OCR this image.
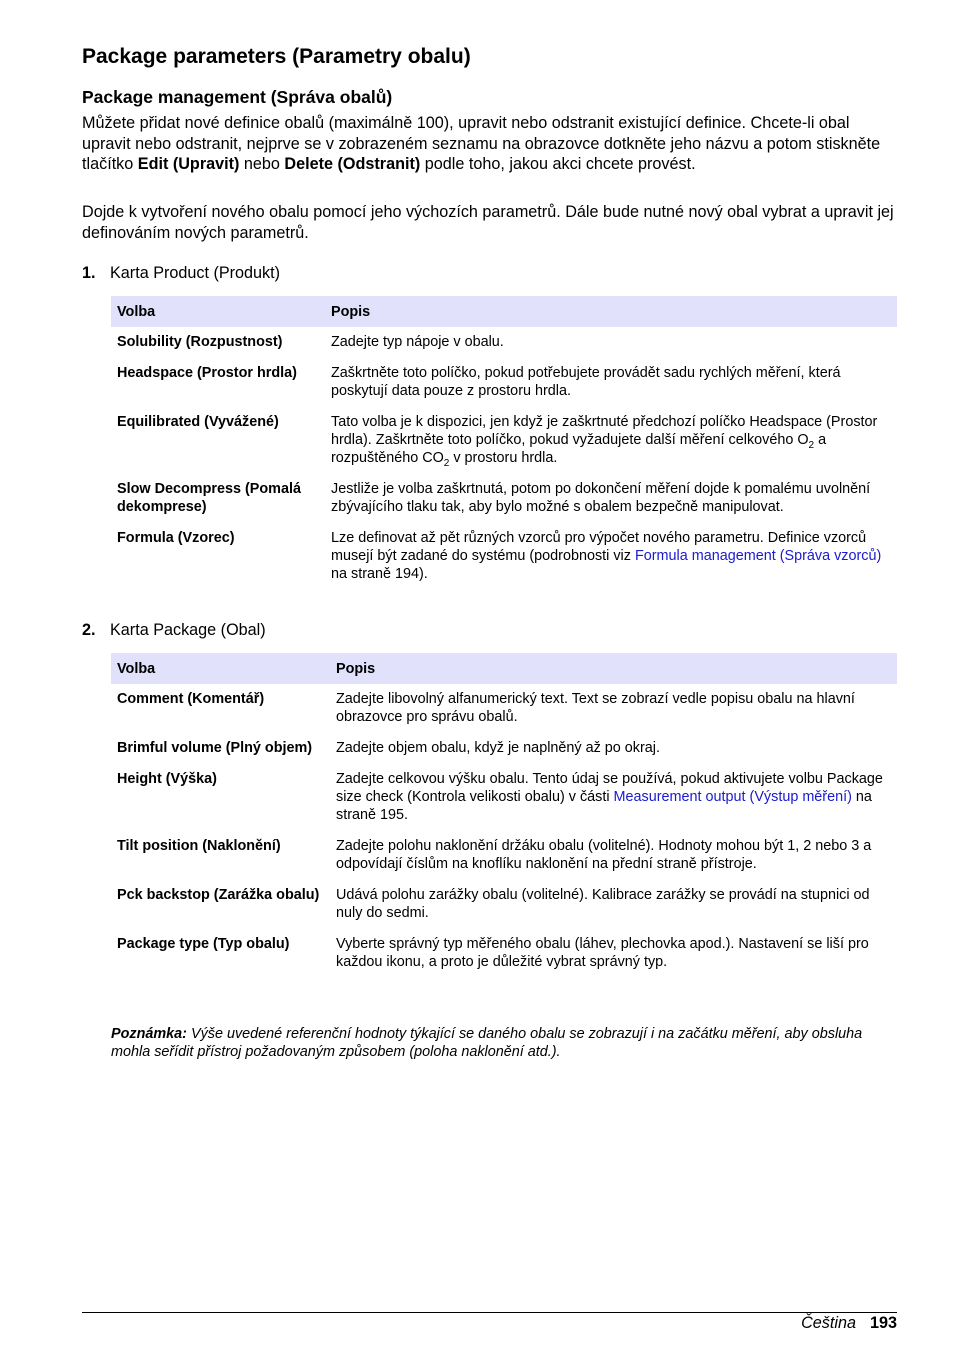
Package parameters (Parametry obalu)
Package management (Správa obalů)

Můžete přidat nové definice obalů (maximálně 100), upravit nebo odstranit existující definice. Chcete-li obal upravit nebo odstranit, nejprve se v zobrazeném seznamu na obrazovce dotkněte jeho názvu a potom stiskněte tlačítko Edit (Upravit) nebo Delete (Odstranit) podle toho, jakou akci chcete provést.

Dojde k vytvoření nového obalu pomocí jeho výchozích parametrů. Dále bude nutné nový obal vybrat a upravit jej definováním nových parametrů.

1. Karta Product (Produkt)
Volba	Popis
Solubility (Rozpustnost)	Zadejte typ nápoje v obalu.
Headspace (Prostor hrdla)	Zaškrtněte toto políčko, pokud potřebujete provádět sadu rychlých měření, která poskytují data pouze z prostoru hrdla.
Equilibrated (Vyvážené)	Tato volba je k dispozici, jen když je zaškrtnuté předchozí políčko Headspace (Prostor hrdla). Zaškrtněte toto políčko, pokud vyžadujete další měření celkového $O_2$ a rozpuštěného $CO_2$ v prostoru hrdla.
Slow Decompress (Pomalá dekomprese)	Jestliže je volba zaškrtnutá, potom po dokončení měření dojde k pomalému uvolnění zbývajícího tlaku tak, aby bylo možné s obalem bezpečně manipulovat.
Formula (Vzorec)	Lze definovat až pět různých vzorců pro výpočet nového parametru. Definice vzorců musejí být zadané do systému (podrobnosti viz Formula management (Správa vzorců) na straně 194).
2. Karta Package (Obal)
Volba	Popis
Comment (Komentář)	Zadejte libovolný alfanumerický text. Text se zobrazí vedle popisu obalu na hlavní obrazovce pro správu obalů.
Brimful volume (Plný objem)	Zadejte objem obalu, když je naplněný až po okraj.
Height (Výška)	Zadejte celkovou výšku obalu. Tento údaj se používá, pokud aktivujete volbu Package size check (Kontrola velikosti obalu) v části Measurement output (Výstup měření) na straně 195.
Tilt position (Naklonění)	Zadejte polohu naklonění držáku obalu (volitelné). Hodnoty mohou být 1, 2 nebo 3 a odpovídají číslům na knoflíku naklonění na přední straně přístroje.
Pck backstop (Zarážka obalu)	Udává polohu zarážky obalu (volitelné). Kalibrace zarážky se provádí na stupnici od nuly do sedmi.
Package type (Typ obalu)	Vyberte správný typ měřeného obalu (láhev, plechovka apod.). Nastavení se liší pro každou ikonu, a proto je důležité vybrat správný typ.
Poznámka: Výše uvedené referenční hodnoty týkající se daného obalu se zobrazují i na začátku měření, aby obsluha mohla seřídit přístroj požadovaným způsobem (poloha naklonění atd.).
Čeština 193
